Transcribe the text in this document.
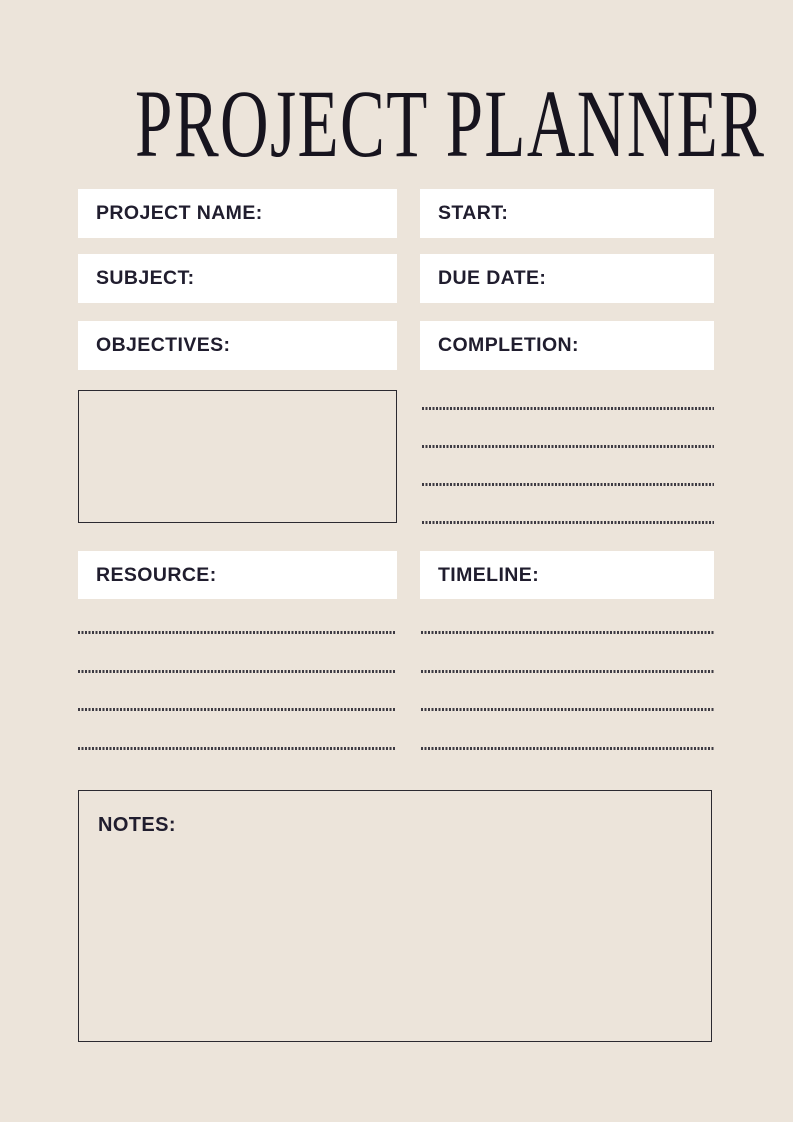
PROJECT PLANNER
PROJECT NAME:	START:
SUBJECT:	DUE DATE:
OBJECTIVES:	COMPLETION:
RESOURCE:	TIMELINE:
NOTES:
